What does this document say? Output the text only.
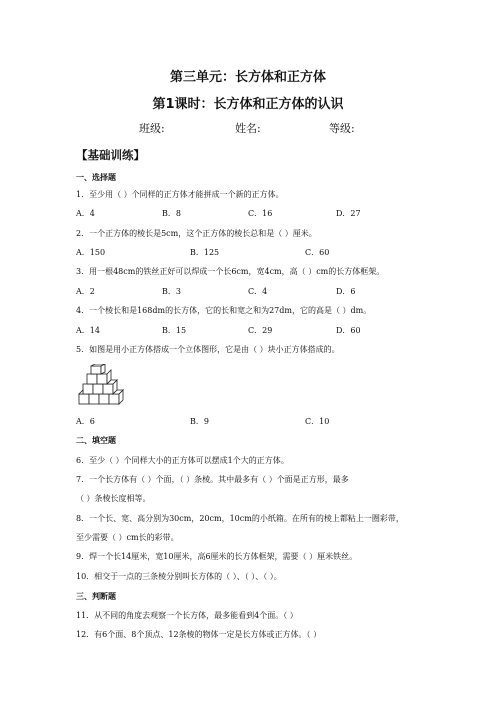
第三单元：长方体和正方体
第1课时：长方体和正方体的认识
班级:	姓名:	等级:
【基础训练】
一、选择题
1．至少用（ ）个同样的正方体才能拼成一个新的正方体。
A．4	B．8	C．16	D．27
2．一个正方体的棱长是5cm，这个正方体的棱长总和是（ ）厘米。
A．150	B．125	C．60
3．用一根48cm的铁丝正好可以焊成一个长6cm，宽4cm，高（ ）cm的长方体框架。
A．2	B．3	C．4	D．6
4．一个棱长和是168dm的长方体，它的长和宽之和为27dm，它的高是（ ）dm。
A．14	B．15	C．29	D．60
5．如图是用小正方体搭成一个立体图形，它是由（ ）块小正方体搭成的。
A．6	B．9	C．10
二、填空题
6．至少（ ）个同样大小的正方体可以摆成1个大的正方体。
7．一个长方体有（ ）个面，（ ）条棱。其中最多有（ ）个面是正方形，最多
（ ）条棱长度相等。
8．一个长、宽、高分别为30cm，20cm，10cm的小纸箱。在所有的棱上都粘上一圈彩带，
至少需要（ ）cm长的彩带。
9．焊一个长14厘米，宽10厘米，高6厘米的长方体框架，需要（ ）厘米铁丝。
10．相交于一点的三条棱分别叫长方体的（ ）、（ ）、（ ）。
三、判断题
11．从不同的角度去观察一个长方体，最多能看到4个面。（ ）
12．有6个面、8个顶点、12条棱的物体一定是长方体或正方体。（ ）
